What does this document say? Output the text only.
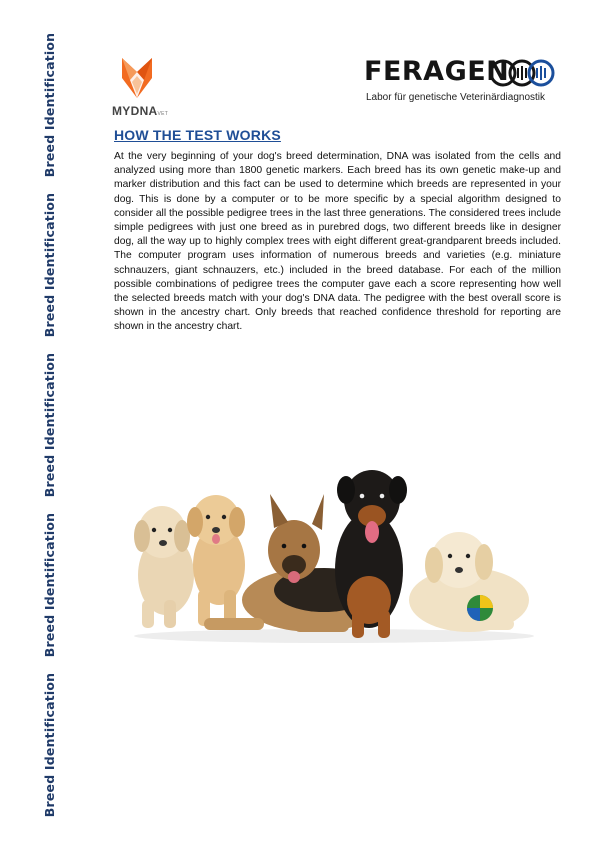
Breed Identification
Breed Identification
Breed Identification
Breed Identification
Breed Identification
MYDNAVET
FERAGEN
Labor für genetische Veterinärdiagnostik
HOW THE TEST WORKS

At the very beginning of your dog's breed determination, DNA was isolated from the cells and analyzed using more than 1800 genetic markers. Each breed has its own genetic make-up and marker distribution and this fact can be used to determine which breeds are represented in your dog. This is done by a computer or to be more specific by a special algorithm designed to consider all the possible pedigree trees in the last three generations. The considered trees include simple pedigrees with just one breed as in purebred dogs, two different breeds like in designer dog, all the way up to highly complex trees with eight different great-grandparent breeds included. The computer program uses information of numerous breeds and varieties (e.g. miniature schnauzers, giant schnauzers, etc.) included in the breed database. For each of the million possible combinations of pedigree trees the computer gave each a score representing how well the selected breeds match with your dog's DNA data. The pedigree with the best overall score is shown in the ancestry chart. Only breeds that reached confidence threshold for reporting are shown in the ancestry chart.
